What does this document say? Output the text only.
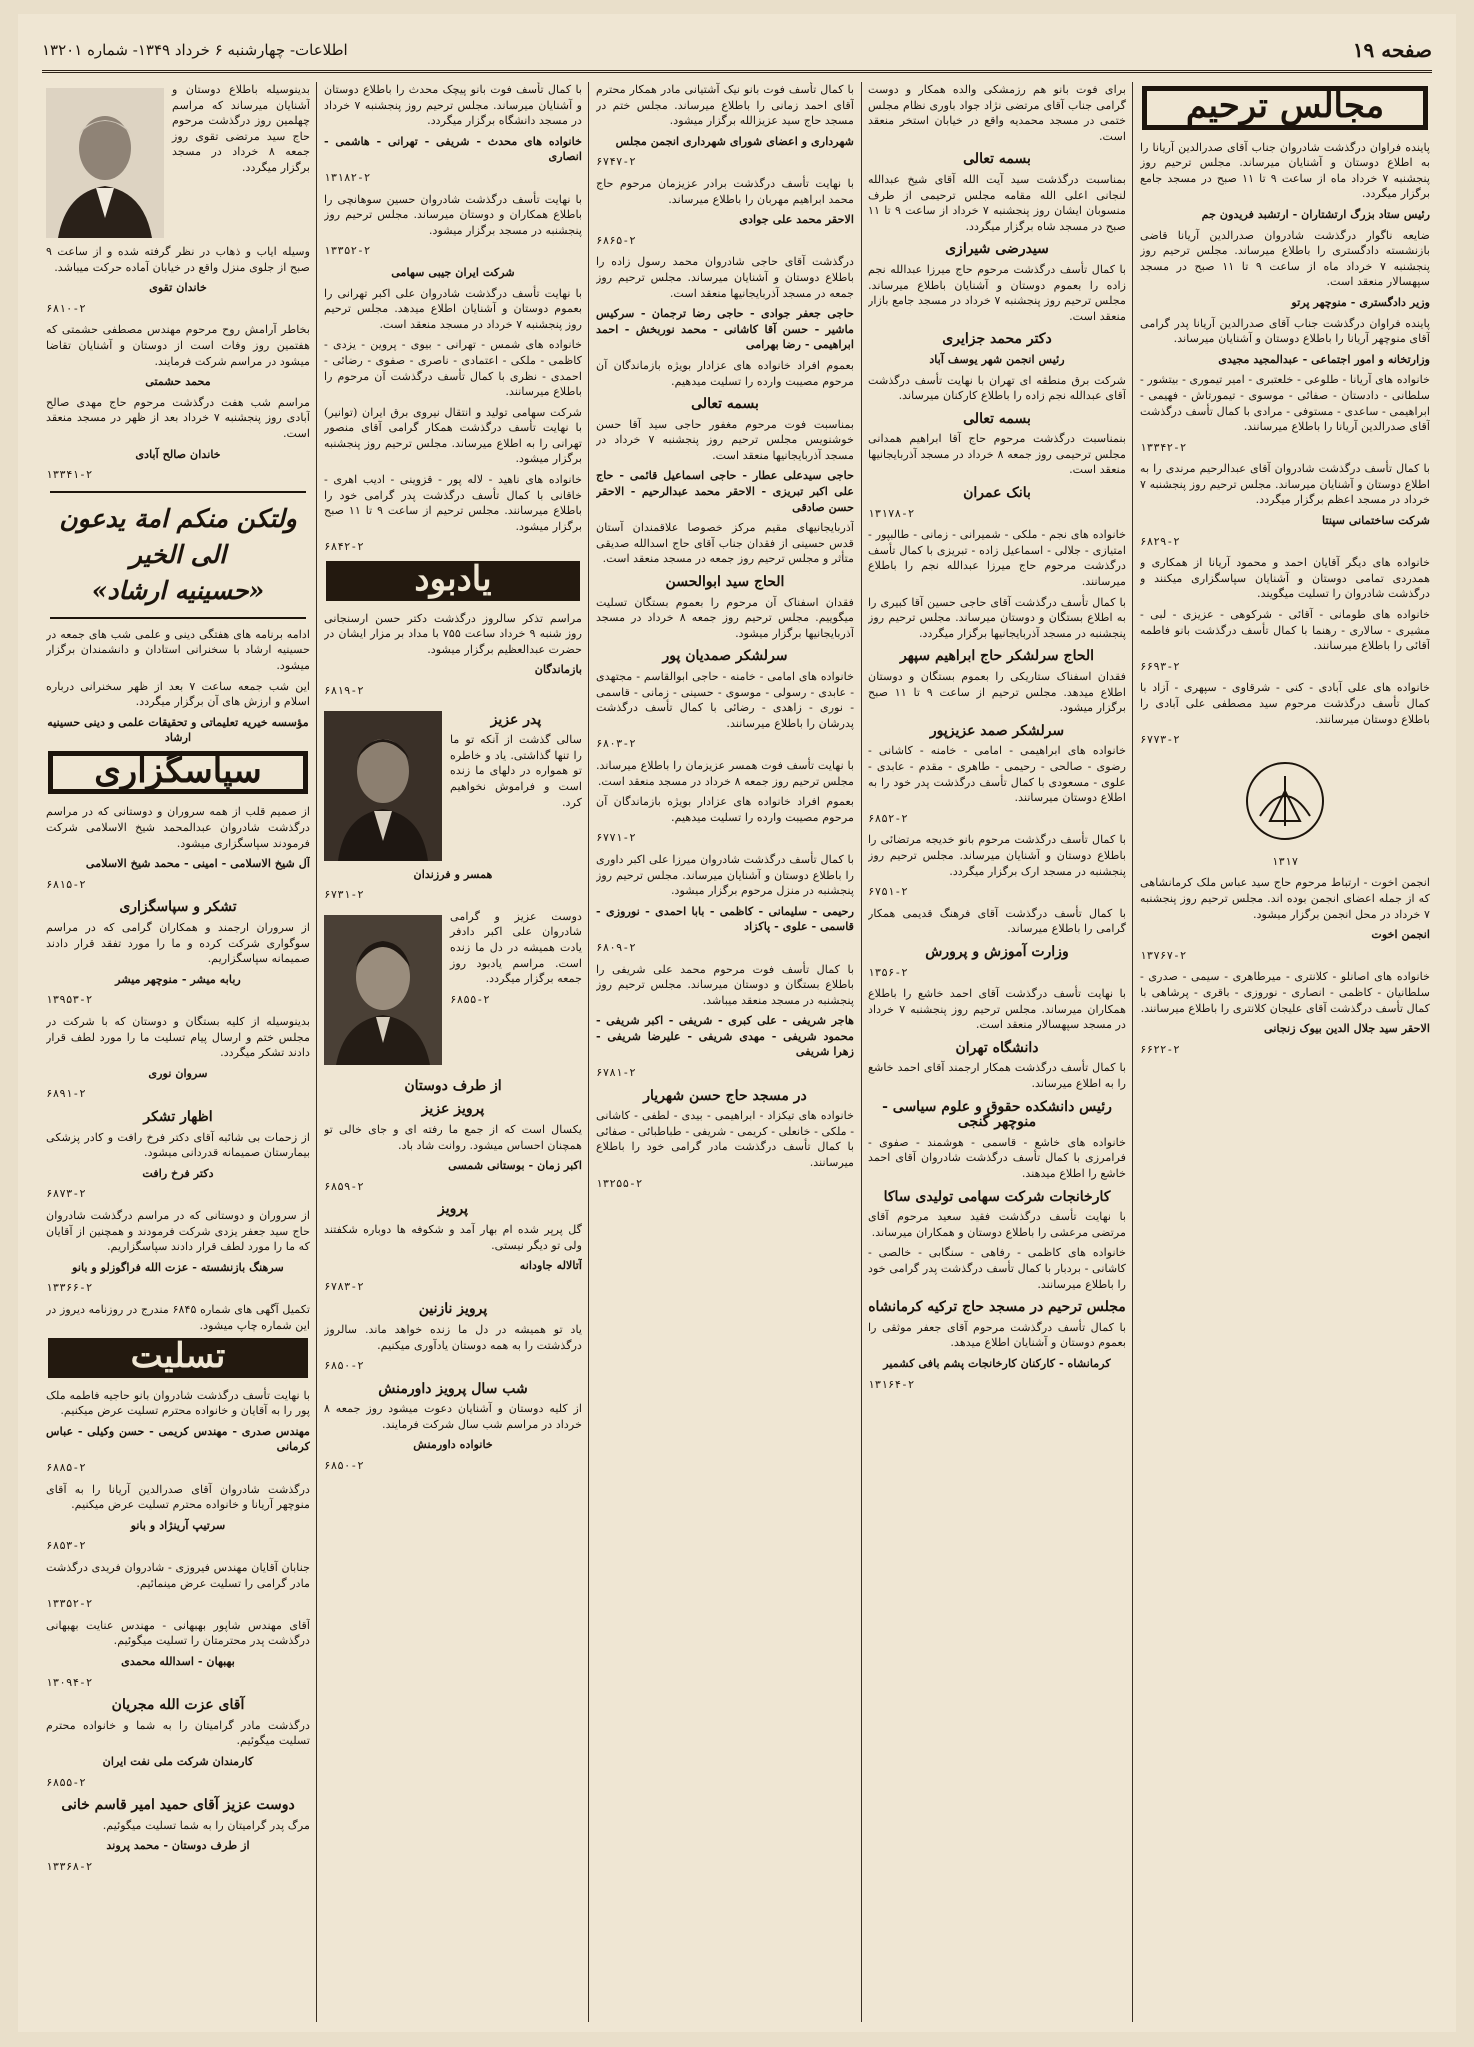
صفحه ۱۹
اطلاعات- چهارشنبه ۶ خرداد ۱۳۴۹- شماره ۱۳۲۰۱
مجالس ترحیم

پاینده فراوان درگذشت شادروان جناب آقای صدرالدین آریانا را به اطلاع دوستان و آشنایان میرساند. مجلس ترحیم روز پنجشنبه ۷ خرداد ماه از ساعت ۹ تا ۱۱ صبح در مسجد جامع برگزار میگردد.

رئیس ستاد بزرگ ارتشتاران - ارتشبد فریدون جم

ضایعه ناگوار درگذشت شادروان صدرالدین آریانا قاضی بازنشسته دادگستری را باطلاع میرساند. مجلس ترحیم روز پنجشنبه ۷ خرداد ماه از ساعت ۹ تا ۱۱ صبح در مسجد سپهسالار منعقد است.

وزیر دادگستری - منوچهر پرتو

پاینده فراوان درگذشت جناب آقای صدرالدین آریانا پدر گرامی آقای منوچهر آریانا را باطلاع دوستان و آشنایان میرساند.

وزارتخانه و امور اجتماعی - عبدالمجید مجیدی

خانواده های آریانا - طلوعی - خلعتبری - امیر تیموری - بیتشور - سلطانی - دادستان - صفائی - موسوی - تیمورتاش - فهیمی - ابراهیمی - ساعدی - مستوفی - مرادی با کمال تأسف درگذشت آقای صدرالدین آریانا را باطلاع میرسانند.

۱۳۳۴۲-۲

با کمال تأسف درگذشت شادروان آقای عبدالرحیم مرندی را به اطلاع دوستان و آشنایان میرساند. مجلس ترحیم روز پنجشنبه ۷ خرداد در مسجد اعظم برگزار میگردد.

شرکت ساختمانی سپنتا

۶۸۲۹-۲

خانواده های دیگر آقایان احمد و محمود آریانا از همکاری و همدردی تمامی دوستان و آشنایان سپاسگزاری میکنند و درگذشت شادروان را تسلیت میگویند.

خانواده های طومانی - آقائی - شرکوهی - عزیزی - لبی - مشیری - سالاری - رهنما با کمال تأسف درگذشت بانو فاطمه آقائی را باطلاع میرسانند.

۶۶۹۳-۲

خانواده های علی آبادی - کنی - شرقاوی - سپهری - آزاد با کمال تأسف درگذشت مرحوم سید مصطفی علی آبادی را باطلاع دوستان میرسانند.

۶۷۷۳-۲
۱۳۱۷

انجمن اخوت - ارتباط مرحوم حاج سید عباس ملک کرمانشاهی که از جمله اعضای انجمن بوده اند. مجلس ترحیم روز پنجشنبه ۷ خرداد در محل انجمن برگزار میشود.

انجمن اخوت

۱۳۷۶۷-۲

خانواده های اصانلو - کلانتری - میرطاهری - سیمی - صدری - سلطانیان - کاظمی - انصاری - نوروزی - باقری - پرشاهی با کمال تأسف درگذشت آقای علیجان کلانتری را باطلاع میرسانند.

الاحقر سید جلال الدین بیوک زنجانی

۶۶۲۲-۲

برای فوت بانو هم رزمشکی والده همکار و دوست گرامی جناب آقای مرتضی نژاد جواد باوری نظام مجلس ختمی در مسجد محمدیه واقع در خیابان استخر منعقد است.

بسمه تعالی

بمناسبت درگذشت سید آیت الله آقای شیخ عبدالله لنجانی اعلی الله مقامه مجلس ترحیمی از طرف منسوبان ایشان روز پنجشنبه ۷ خرداد از ساعت ۹ تا ۱۱ صبح در مسجد شاه برگزار میگردد.

سیدرضی شیرازی

با کمال تأسف درگذشت مرحوم حاج میرزا عبدالله نجم زاده را بعموم دوستان و آشنایان باطلاع میرساند. مجلس ترحیم روز پنجشنبه ۷ خرداد در مسجد جامع بازار منعقد است.

دکتر محمد جزایری

رئیس انجمن شهر یوسف آباد

شرکت برق منطقه ای تهران با نهایت تأسف درگذشت آقای عبدالله نجم زاده را باطلاع کارکنان میرساند.

بسمه تعالی

بنمناسبت درگذشت مرحوم حاج آقا ابراهیم همدانی مجلس ترحیمی روز جمعه ۸ خرداد در مسجد آذربایجانیها منعقد است.

بانک عمران
۱۳۱۷۸-۲

خانواده های نجم - ملکی - شمیرانی - زمانی - طالبپور - امتیازی - جلالی - اسماعیل زاده - تبریزی با کمال تأسف درگذشت مرحوم حاج میرزا عبدالله نجم را باطلاع میرسانند.

با کمال تأسف درگذشت آقای حاجی حسین آقا کبیری را به اطلاع بستگان و دوستان میرساند. مجلس ترحیم روز پنجشنبه در مسجد آذربایجانیها برگزار میگردد.

الحاج سرلشکر حاج ابراهیم سپهر

فقدان اسفناک ستاریکی را بعموم بستگان و دوستان اطلاع میدهد. مجلس ترحیم از ساعت ۹ تا ۱۱ صبح برگزار میشود.

سرلشکر صمد عزیزپور

خانواده های ابراهیمی - امامی - خامنه - کاشانی - رضوی - صالحی - رحیمی - طاهری - مقدم - عابدی - علوی - مسعودی با کمال تأسف درگذشت پدر خود را به اطلاع دوستان میرسانند.

۶۸۵۲-۲

با کمال تأسف درگذشت مرحوم بانو خدیجه مرتضائی را باطلاع دوستان و آشنایان میرساند. مجلس ترحیم روز پنجشنبه در مسجد ارک برگزار میگردد.

۶۷۵۱-۲

با کمال تأسف درگذشت آقای فرهنگ قدیمی همکار گرامی را باطلاع میرساند.

وزارت آموزش و پرورش
۱۳۵۶-۲

با نهایت تأسف درگذشت آقای احمد خاشع را باطلاع همکاران میرساند. مجلس ترحیم روز پنجشنبه ۷ خرداد در مسجد سپهسالار منعقد است.

دانشگاه تهران

با کمال تأسف درگذشت همکار ارجمند آقای احمد خاشع را به اطلاع میرساند.

رئیس دانشکده حقوق و علوم سیاسی - منوچهر گنجی

خانواده های خاشع - قاسمی - هوشمند - صفوی - فرامرزی با کمال تأسف درگذشت شادروان آقای احمد خاشع را اطلاع میدهند.

کارخانجات شرکت سهامی تولیدی ساکا

با نهایت تأسف درگذشت فقید سعید مرحوم آقای مرتضی مرعشی را باطلاع دوستان و همکاران میرساند.

خانواده های کاظمی - رفاهی - سنگابی - خالصی - کاشانی - بردبار با کمال تأسف درگذشت پدر گرامی خود را باطلاع میرسانند.

مجلس ترحیم در مسجد حاج ترکیه کرمانشاه

با کمال تأسف درگذشت مرحوم آقای جعفر موثقی را بعموم دوستان و آشنایان اطلاع میدهد.

کرمانشاه - کارکنان کارخانجات پشم بافی کشمیر

۱۳۱۶۴-۲

با کمال تأسف فوت بانو نیک آشتیانی مادر همکار محترم آقای احمد زمانی را باطلاع میرساند. مجلس ختم در مسجد حاج سید عزیزالله برگزار میشود.

شهرداری و اعضای شورای شهرداری انجمن مجلس

۶۷۴۷-۲

با نهایت تأسف درگذشت برادر عزیزمان مرحوم حاج محمد ابراهیم مهربان را باطلاع میرساند.

الاحقر محمد علی جوادی

۶۸۶۵-۲

درگذشت آقای حاجی شادروان محمد رسول زاده را باطلاع دوستان و آشنایان میرساند. مجلس ترحیم روز جمعه در مسجد آذربایجانیها منعقد است.

حاجی جعفر جوادی - حاجی رضا ترجمان - سرکیس ماشیر - حسن آقا کاشانی - محمد نوربخش - احمد ابراهیمی - رضا بهرامی

بعموم افراد خانواده های عزادار بویژه بازماندگان آن مرحوم مصیبت وارده را تسلیت میدهیم.

بسمه تعالی

بمناسبت فوت مرحوم مغفور حاجی سید آقا حسن خوشنویس مجلس ترحیم روز پنجشنبه ۷ خرداد در مسجد آذربایجانیها منعقد است.

حاجی سیدعلی عطار - حاجی اسماعیل قائمی - حاج علی اکبر تبریزی - الاحقر محمد عبدالرحیم - الاحقر حسن صادقی

آذربایجانیهای مقیم مرکز خصوصا علاقمندان آستان قدس حسینی از فقدان جناب آقای حاج اسدالله صدیقی متأثر و مجلس ترحیم روز جمعه در مسجد منعقد است.

الحاج سید ابوالحسن

فقدان اسفناک آن مرحوم را بعموم بستگان تسلیت میگوییم. مجلس ترحیم روز جمعه ۸ خرداد در مسجد آذربایجانیها برگزار میشود.

سرلشکر صمدیان پور

خانواده های امامی - خامنه - حاجی ابوالقاسم - مجتهدی - عابدی - رسولی - موسوی - حسینی - زمانی - قاسمی - نوری - زاهدی - رضائی با کمال تأسف درگذشت پدرشان را باطلاع میرسانند.

۶۸۰۳-۲

با نهایت تأسف فوت همسر عزیزمان را باطلاع میرساند. مجلس ترحیم روز جمعه ۸ خرداد در مسجد منعقد است.

بعموم افراد خانواده های عزادار بویژه بازماندگان آن مرحوم مصیبت وارده را تسلیت میدهیم.

۶۷۷۱-۲

با کمال تأسف درگذشت شادروان میرزا علی اکبر داوری را باطلاع دوستان و آشنایان میرساند. مجلس ترحیم روز پنجشنبه در منزل مرحوم برگزار میشود.

رحیمی - سلیمانی - کاظمی - بابا احمدی - نوروزی - قاسمی - علوی - پاکزاد

۶۸۰۹-۲

با کمال تأسف فوت مرحوم محمد علی شریفی را باطلاع بستگان و دوستان میرساند. مجلس ترحیم روز پنجشنبه در مسجد منعقد میباشد.

هاجر شریفی - علی کبری - شریفی - اکبر شریفی - محمود شریفی - مهدی شریفی - علیرضا شریفی - زهرا شریفی

۶۷۸۱-۲
در مسجد حاج حسن شهریار

خانواده های تیکزاد - ابراهیمی - بیدی - لطفی - کاشانی - ملکی - خانعلی - کریمی - شریفی - طباطبائی - صفائی با کمال تأسف درگذشت مادر گرامی خود را باطلاع میرسانند.

۱۳۲۵۵-۲

با کمال تأسف فوت بانو پیچک محدث را باطلاع دوستان و آشنایان میرساند. مجلس ترحیم روز پنجشنبه ۷ خرداد در مسجد دانشگاه برگزار میگردد.

خانواده های محدث - شریفی - تهرانی - هاشمی - انصاری

۱۳۱۸۲-۲

با نهایت تأسف درگذشت شادروان حسین سوهانچی را باطلاع همکاران و دوستان میرساند. مجلس ترحیم روز پنجشنبه در مسجد برگزار میشود.

۱۳۳۵۲-۲

شرکت ایران جیبی سهامی

با نهایت تأسف درگذشت شادروان علی اکبر تهرانی را بعموم دوستان و آشنایان اطلاع میدهد. مجلس ترحیم روز پنجشنبه ۷ خرداد در مسجد منعقد است.

خانواده های شمس - تهرانی - بیوی - پروین - یزدی - کاظمی - ملکی - اعتمادی - ناصری - صفوی - رضائی - احمدی - نظری با کمال تأسف درگذشت آن مرحوم را باطلاع میرسانند.

شرکت سهامی تولید و انتقال نیروی برق ایران (توانیر) با نهایت تأسف درگذشت همکار گرامی آقای منصور تهرانی را به اطلاع میرساند. مجلس ترحیم روز پنجشنبه برگزار میشود.

خانواده های ناهید - لاله پور - قزوینی - ادیب اهری - خاقانی با کمال تأسف درگذشت پدر گرامی خود را باطلاع میرسانند. مجلس ترحیم از ساعت ۹ تا ۱۱ صبح برگزار میشود.

۶۸۴۲-۲
یادبود

مراسم تذکر سالروز درگذشت دکتر حسن ارسنجانی روز شنبه ۹ خرداد ساعت ۷۵۵ با مداد بر مزار ایشان در حضرت عبدالعظیم برگزار میشود.

بازماندگان

۶۸۱۹-۲
پدر عزیز

سالی گذشت از آنکه تو ما را تنها گذاشتی. یاد و خاطره تو همواره در دلهای ما زنده است و فراموش نخواهیم کرد.

همسر و فرزندان

۶۷۳۱-۲

دوست عزیز و گرامی شادروان علی اکبر دادفر یادت همیشه در دل ما زنده است. مراسم یادبود روز جمعه برگزار میگردد.

۶۸۵۵-۲
از طرف دوستان
پرویز عزیز

یکسال است که از جمع ما رفته ای و جای خالی تو همچنان احساس میشود. روانت شاد باد.

اکبر زمان - بوستانی شمسی

۶۸۵۹-۲
پرویز

گل پرپر شده ام بهار آمد و شکوفه ها دوباره شکفتند ولی تو دیگر نیستی.

آتالاله جاودانه

۶۷۸۳-۲
پرویز نازنین

یاد تو همیشه در دل ما زنده خواهد ماند. سالروز درگذشتت را به همه دوستان یادآوری میکنیم.

۶۸۵۰-۲
شب سال پرویز داورمنش

از کلیه دوستان و آشنایان دعوت میشود روز جمعه ۸ خرداد در مراسم شب سال شرکت فرمایند.

خانواده داورمنش

۶۸۵۰-۲

بدینوسیله باطلاع دوستان و آشنایان میرساند که مراسم چهلمین روز درگذشت مرحوم حاج سید مرتضی تقوی روز جمعه ۸ خرداد در مسجد برگزار میگردد.

وسیله ایاب و ذهاب در نظر گرفته شده و از ساعت ۹ صبح از جلوی منزل واقع در خیابان آماده حرکت میباشد.

خاندان تقوی

۶۸۱۰-۲

بخاطر آرامش روح مرحوم مهندس مصطفی حشمتی که هفتمین روز وفات است از دوستان و آشنایان تقاضا میشود در مراسم شرکت فرمایند.

محمد حشمتی

مراسم شب هفت درگذشت مرحوم حاج مهدی صالح آبادی روز پنجشنبه ۷ خرداد بعد از ظهر در مسجد منعقد است.

خاندان صالح آبادی

۱۳۳۴۱-۲
ولتکن منکم امة یدعون الی الخیر
«حسینیه ارشاد»

ادامه برنامه های هفتگی دینی و علمی شب های جمعه در حسینیه ارشاد با سخنرانی استادان و دانشمندان برگزار میشود.

این شب جمعه ساعت ۷ بعد از ظهر سخنرانی درباره اسلام و ارزش های آن برگزار میگردد.

مؤسسه خیریه تعلیماتی و تحقیقات علمی و دینی حسینیه ارشاد

سپاسگزاری

از صمیم قلب از همه سروران و دوستانی که در مراسم درگذشت شادروان عبدالمحمد شیخ الاسلامی شرکت فرمودند سپاسگزاری میشود.

آل شیخ الاسلامی - امینی - محمد شیخ الاسلامی

۶۸۱۵-۲
تشکر و سپاسگزاری

از سروران ارجمند و همکاران گرامی که در مراسم سوگواری شرکت کرده و ما را مورد تفقد قرار دادند صمیمانه سپاسگزاریم.

ربابه میشر - منوچهر میشر

۱۳۹۵۳-۲

بدینوسیله از کلیه بستگان و دوستان که با شرکت در مجلس ختم و ارسال پیام تسلیت ما را مورد لطف قرار دادند تشکر میگردد.

سروان نوری

۶۸۹۱-۲
اظهار تشکر

از زحمات بی شائبه آقای دکتر فرخ رافت و کادر پزشکی بیمارستان صمیمانه قدردانی میشود.

دکتر فرخ رافت

۶۸۷۳-۲

از سروران و دوستانی که در مراسم درگذشت شادروان حاج سید جعفر یزدی شرکت فرمودند و همچنین از آقایان که ما را مورد لطف قرار دادند سپاسگزاریم.

سرهنگ بازنشسته - عزت الله فراگوزلو و بانو

۱۳۳۶۶-۲

تکمیل آگهی های شماره ۶۸۴۵ مندرج در روزنامه دیروز در این شماره چاپ میشود.

تسلیت

با نهایت تأسف درگذشت شادروان بانو حاجیه فاطمه ملک پور را به آقایان و خانواده محترم تسلیت عرض میکنیم.

مهندس صدری - مهندس کریمی - حسن وکیلی - عباس کرمانی

۶۸۸۵-۲

درگذشت شادروان آقای صدرالدین آریانا را به آقای منوچهر آریانا و خانواده محترم تسلیت عرض میکنیم.

سرتیپ آرینژاد و بانو

۶۸۵۳-۲

جنابان آقایان مهندس فیروزی - شادروان فریدی درگذشت مادر گرامی را تسلیت عرض مینمائیم.

۱۳۳۵۲-۲

آقای مهندس شاپور بهبهانی - مهندس عنایت بهبهانی درگذشت پدر محترمتان را تسلیت میگوئیم.

بهبهان - اسدالله محمدی

۱۳۰۹۴-۲
آقای عزت الله مجریان

درگذشت مادر گرامیتان را به شما و خانواده محترم تسلیت میگوئیم.

کارمندان شرکت ملی نفت ایران

۶۸۵۵-۲
دوست عزیز آقای حمید امیر قاسم خانی

مرگ پدر گرامیتان را به شما تسلیت میگوئیم.

از طرف دوستان - محمد پروند

۱۳۳۶۸-۲
